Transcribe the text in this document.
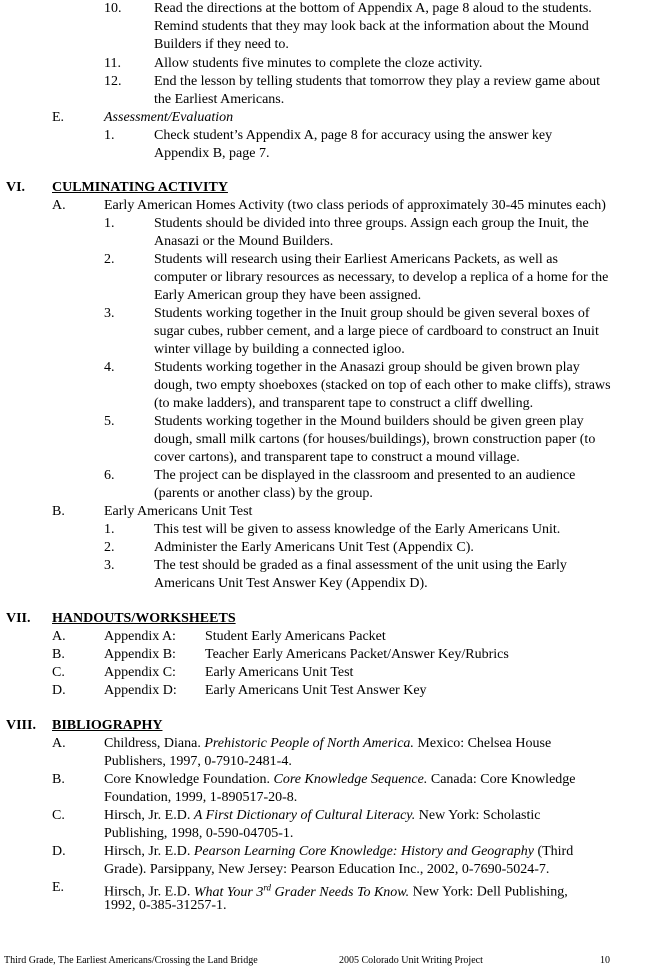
10. Read the directions at the bottom of Appendix A, page 8 aloud to the students.
Remind students that they may look back at the information about the Mound
Builders if they need to.
11. Allow students five minutes to complete the cloze activity.
12. End the lesson by telling students that tomorrow they play a review game about
the Earliest Americans.
E.	Assessment/Evaluation
1.	Check student’s Appendix A, page 8 for accuracy using the answer key
Appendix B, page 7.
VI. CULMINATING ACTIVITY
A.	Early American Homes Activity (two class periods of approximately 30-45 minutes each)
1.	Students should be divided into three groups. Assign each group the Inuit, the
Anasazi or the Mound Builders.
2.	Students will research using their Earliest Americans Packets, as well as
computer or library resources as necessary, to develop a replica of a home for the
Early American group they have been assigned.
3.	Students working together in the Inuit group should be given several boxes of
sugar cubes, rubber cement, and a large piece of cardboard to construct an Inuit
winter village by building a connected igloo.
4.	Students working together in the Anasazi group should be given brown play
dough, two empty shoeboxes (stacked on top of each other to make cliffs), straws
(to make ladders), and transparent tape to construct a cliff dwelling.
5.	Students working together in the Mound builders should be given green play
dough, small milk cartons (for houses/buildings), brown construction paper (to
cover cartons), and transparent tape to construct a mound village.
6.	The project can be displayed in the classroom and presented to an audience
(parents or another class) by the group.
B.	Early Americans Unit Test
1.	This test will be given to assess knowledge of the Early Americans Unit.
2.	Administer the Early Americans Unit Test (Appendix C).
3.	The test should be graded as a final assessment of the unit using the Early
Americans Unit Test Answer Key (Appendix D).
VII. HANDOUTS/WORKSHEETS
A.	Appendix A: Student Early Americans Packet
B.	Appendix B: Teacher Early Americans Packet/Answer Key/Rubrics
C.	Appendix C: Early Americans Unit Test
D.	Appendix D: Early Americans Unit Test Answer Key
VIII. BIBLIOGRAPHY
A.	Childress, Diana. Prehistoric People of North America. Mexico: Chelsea House
Publishers, 1997, 0-7910-2481-4.
B.	Core Knowledge Foundation. Core Knowledge Sequence. Canada: Core Knowledge
Foundation, 1999, 1-890517-20-8.
C.	Hirsch, Jr. E.D. A First Dictionary of Cultural Literacy. New York: Scholastic
Publishing, 1998, 0-590-04705-1.
D.	Hirsch, Jr. E.D. Pearson Learning Core Knowledge: History and Geography (Third
Grade). Parsippany, New Jersey: Pearson Education Inc., 2002, 0-7690-5024-7.
E.	Hirsch, Jr. E.D. What Your 3rd Grader Needs To Know. New York: Dell Publishing,
1992, 0-385-31257-1.
Third Grade, The Earliest Americans/Crossing the Land Bridge	2005 Colorado Unit Writing Project	10
